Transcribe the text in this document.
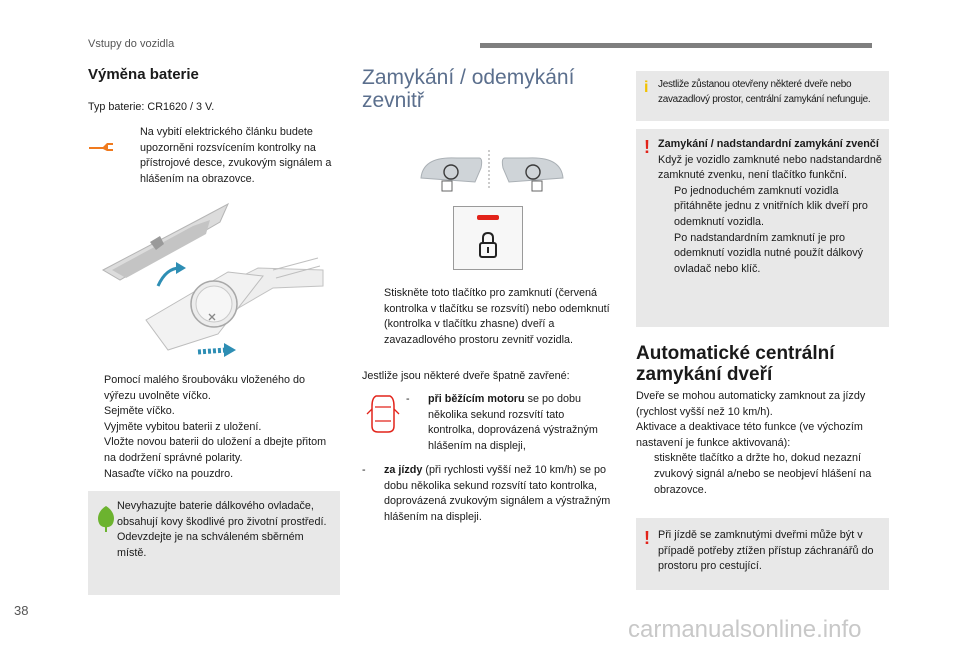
Vstupy do vozidla
Výměna baterie
Typ baterie: CR1620 / 3 V.
Na vybití elektrického článku budete upozorněni rozsvícením kontrolky na přístrojové desce, zvukovým signálem a hlášením na obrazovce.
Pomocí malého šroubováku vloženého do výřezu uvolněte víčko.
Sejměte víčko.
Vyjměte vybitou baterii z uložení.
Vložte novou baterii do uložení a dbejte přitom na dodržení správné polarity.
Nasaďte víčko na pouzdro.
Nevyhazujte baterie dálkového ovladače, obsahují kovy škodlivé pro životní prostředí.
Odevzdejte je na schváleném sběrném místě.
Zamykání / odemykání zevnitř
Stiskněte toto tlačítko pro zamknutí (červená kontrolka v tlačítku se rozsvítí) nebo odemknutí (kontrolka v tlačítku zhasne) dveří a zavazadlového prostoru zevnitř vozidla.
Jestliže jsou některé dveře špatně zavřené:
-	při běžícím motoru se po dobu několika sekund rozsvítí tato kontrolka, doprovázená výstražným hlášením na displeji,
-	za jízdy (při rychlosti vyšší než 10 km/h) se po dobu několika sekund rozsvítí tato kontrolka, doprovázená zvukovým signálem a výstražným hlášením na displeji.
i Jestliže zůstanou otevřeny některé dveře nebo zavazadlový prostor, centrální zamykání nefunguje.
! Zamykání / nadstandardní zamykání zvenčí
Když je vozidlo zamknuté nebo nadstandardně zamknuté zvenku, není tlačítko funkční.
Po jednoduchém zamknutí vozidla přitáhněte jednu z vnitřních klik dveří pro odemknutí vozidla.
Po nadstandardním zamknutí je pro odemknutí vozidla nutné použít dálkový ovladač nebo klíč.
Automatické centrální zamykání dveří
Dveře se mohou automaticky zamknout za jízdy (rychlost vyšší než 10 km/h).
Aktivace a deaktivace této funkce (ve výchozím nastavení je funkce aktivovaná):
stiskněte tlačítko a držte ho, dokud nezazní zvukový signál a/nebo se neobjeví hlášení na obrazovce.
! Při jízdě se zamknutými dveřmi může být v případě potřeby ztížen přístup záchranářů do prostoru pro cestující.
38
carmanualsonline.info
